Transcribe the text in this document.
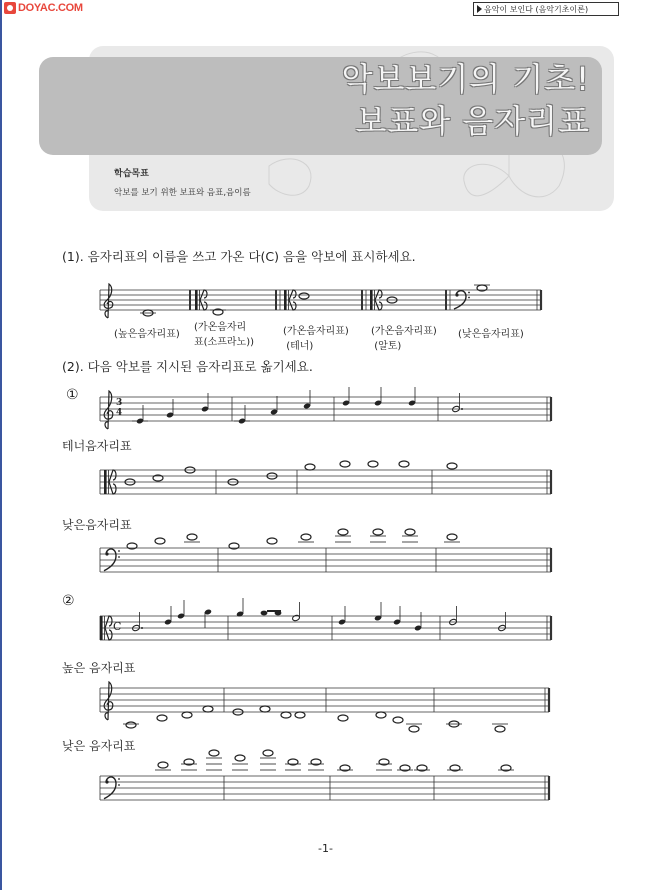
DOYAC.COM	음악이 보인다 (음악기초이론)
악보보기의 기초!
보표와 음자리표
학습목표
악보를 보기 위한 보표와 음표,음이름
(1). 음자리표의 이름을 쓰고 가온 다(C) 음을 악보에 표시하세요.
(높은음자리표)
(가온음자리
표(소프라노))
(가온음자리표)
(테너)
(가온음자리표)
(알토)
(낮은음자리표)
(2). 다음 악보를 지시된 음자리표로 옮기세요.
①
테너음자리표
낮은음자리표
②
높은 음자리표
낮은 음자리표
3
4
C
-1-
